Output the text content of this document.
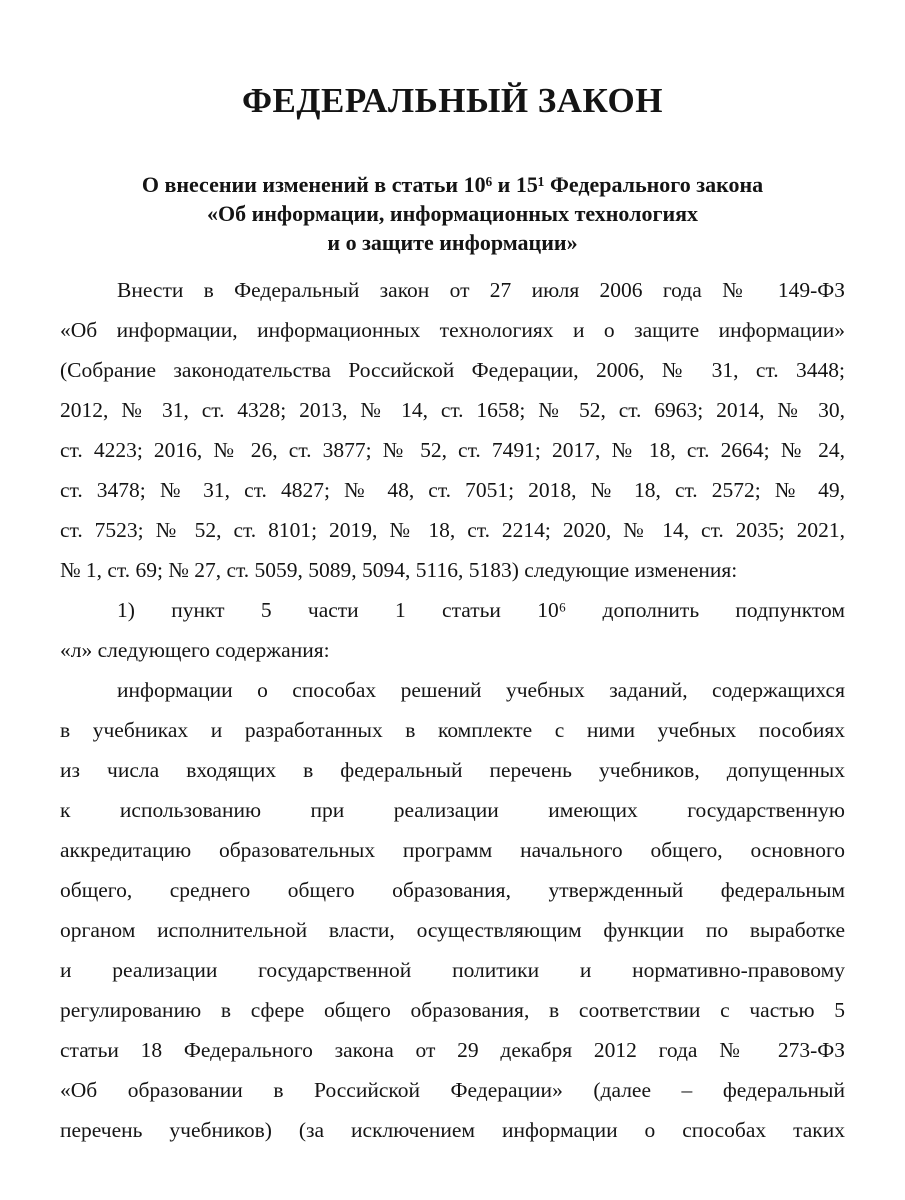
ФЕДЕРАЛЬНЫЙ ЗАКОН
О внесении изменений в статьи 10⁶ и 15¹ Федерального закона
«Об информации, информационных технологиях
и о защите информации»
Внести в Федеральный закон от 27 июля 2006 года № 149-ФЗ
«Об информации, информационных технологиях и о защите информации»
(Собрание законодательства Российской Федерации, 2006, № 31, ст. 3448;
2012, № 31, ст. 4328; 2013, № 14, ст. 1658; № 52, ст. 6963; 2014, № 30,
ст. 4223; 2016, № 26, ст. 3877; № 52, ст. 7491; 2017, № 18, ст. 2664; № 24,
ст. 3478; № 31, ст. 4827; № 48, ст. 7051; 2018, № 18, ст. 2572; № 49,
ст. 7523; № 52, ст. 8101; 2019, № 18, ст. 2214; 2020, № 14, ст. 2035; 2021,
№ 1, ст. 69; № 27, ст. 5059, 5089, 5094, 5116, 5183) следующие изменения:
1) пункт 5 части 1 статьи 10⁶ дополнить подпунктом
«л» следующего содержания:
информации о способах решений учебных заданий, содержащихся
в учебниках и разработанных в комплекте с ними учебных пособиях
из числа входящих в федеральный перечень учебников, допущенных
к использованию при реализации имеющих государственную
аккредитацию образовательных программ начального общего, основного
общего, среднего общего образования, утвержденный федеральным
органом исполнительной власти, осуществляющим функции по выработке
и реализации государственной политики и нормативно-правовому
регулированию в сфере общего образования, в соответствии с частью 5
статьи 18 Федерального закона от 29 декабря 2012 года № 273-ФЗ
«Об образовании в Российской Федерации» (далее – федеральный
перечень учебников) (за исключением информации о способах таких
